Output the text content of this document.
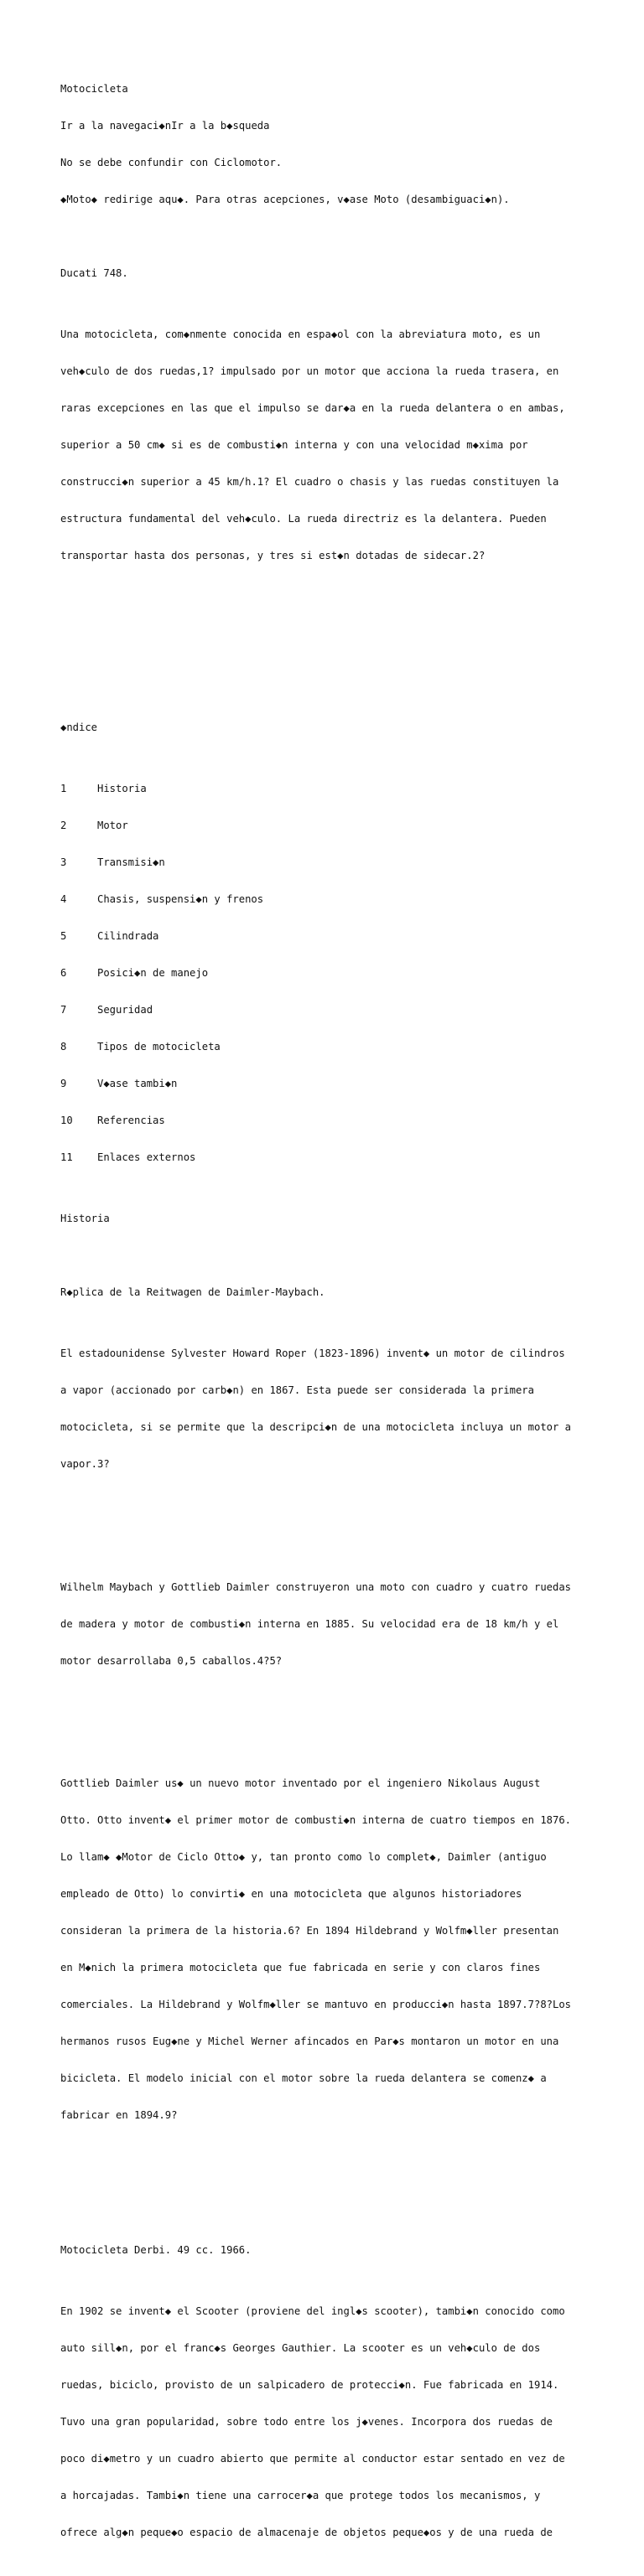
Motocicleta

Ir a la navegaci◆nIr a la b◆squeda

No se debe confundir con Ciclomotor.

◆Moto◆ redirige aqu◆. Para otras acepciones, v◆ase Moto (desambiguaci◆n).

Ducati 748.

Una motocicleta, com◆nmente conocida en espa◆ol con la abreviatura moto, es un

veh◆culo de dos ruedas,1? impulsado por un motor que acciona la rueda trasera, en

raras excepciones en las que el impulso se dar◆a en la rueda delantera o en ambas,

superior a 50 cm◆ si es de combusti◆n interna y con una velocidad m◆xima por

construcci◆n superior a 45 km/h.1? El cuadro o chasis y las ruedas constituyen la

estructura fundamental del veh◆culo. La rueda directriz es la delantera. Pueden

transportar hasta dos personas, y tres si est◆n dotadas de sidecar.2?

◆ndice

1	Historia

2	Motor

3	Transmisi◆n

4	Chasis, suspensi◆n y frenos

5	Cilindrada

6	Posici◆n de manejo

7	Seguridad

8	Tipos de motocicleta

9	V◆ase tambi◆n

10 Referencias

11 Enlaces externos

Historia

R◆plica de la Reitwagen de Daimler-Maybach.

El estadounidense Sylvester Howard Roper (1823-1896) invent◆ un motor de cilindros

a vapor (accionado por carb◆n) en 1867. Esta puede ser considerada la primera

motocicleta, si se permite que la descripci◆n de una motocicleta incluya un motor a

vapor.3?

Wilhelm Maybach y Gottlieb Daimler construyeron una moto con cuadro y cuatro ruedas

de madera y motor de combusti◆n interna en 1885. Su velocidad era de 18 km/h y el

motor desarrollaba 0,5 caballos.4?5?

Gottlieb Daimler us◆ un nuevo motor inventado por el ingeniero Nikolaus August

Otto. Otto invent◆ el primer motor de combusti◆n interna de cuatro tiempos en 1876.

Lo llam◆ ◆Motor de Ciclo Otto◆ y, tan pronto como lo complet◆, Daimler (antiguo

empleado de Otto) lo convirti◆ en una motocicleta que algunos historiadores

consideran la primera de la historia.6? En 1894 Hildebrand y Wolfm◆ller presentan

en M◆nich la primera motocicleta que fue fabricada en serie y con claros fines

comerciales. La Hildebrand y Wolfm◆ller se mantuvo en producci◆n hasta 1897.7?8?Los

hermanos rusos Eug◆ne y Michel Werner afincados en Par◆s montaron un motor en una

bicicleta. El modelo inicial con el motor sobre la rueda delantera se comenz◆ a

fabricar en 1894.9?

Motocicleta Derbi. 49 cc. 1966.

En 1902 se invent◆ el Scooter (proviene del ingl◆s scooter), tambi◆n conocido como

auto sill◆n, por el franc◆s Georges Gauthier. La scooter es un veh◆culo de dos

ruedas, biciclo, provisto de un salpicadero de protecci◆n. Fue fabricada en 1914.

Tuvo una gran popularidad, sobre todo entre los j◆venes. Incorpora dos ruedas de

poco di◆metro y un cuadro abierto que permite al conductor estar sentado en vez de

a horcajadas. Tambi◆n tiene una carrocer◆a que protege todos los mecanismos, y

ofrece alg◆n peque◆o espacio de almacenaje de objetos peque◆os y de una rueda de
